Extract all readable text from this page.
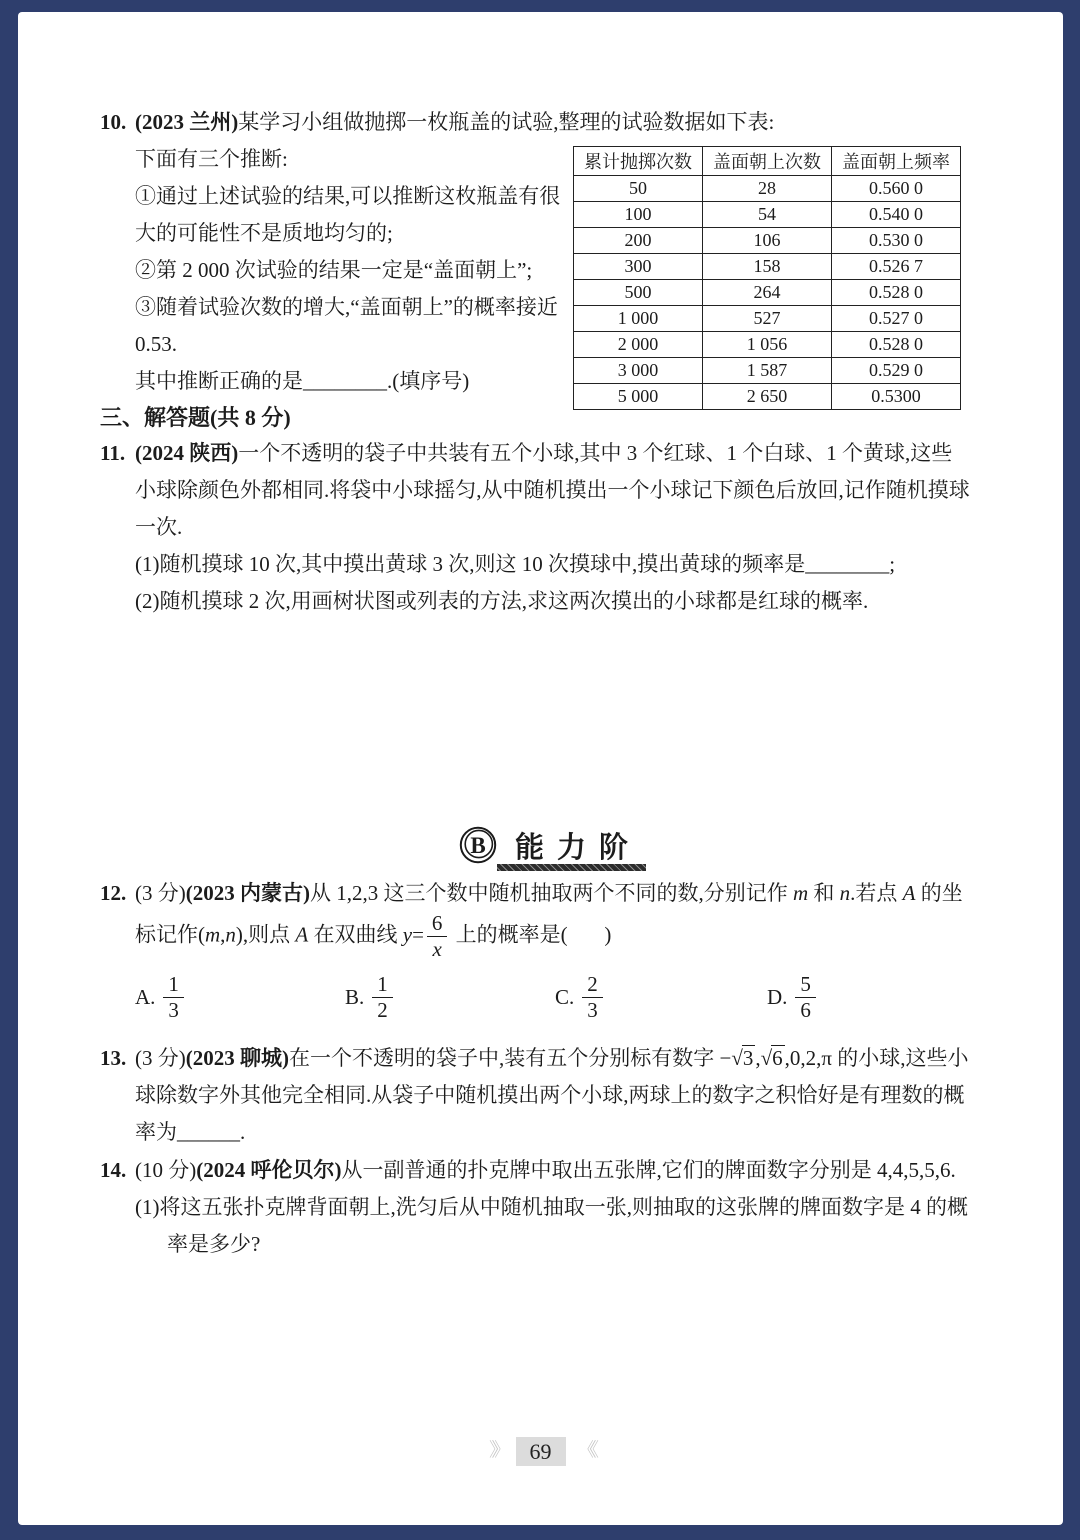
10. (2023 兰州)某学习小组做抛掷一枚瓶盖的试验,整理的试验数据如下表:
下面有三个推断:
①通过上述试验的结果,可以推断这枚瓶盖有很大的可能性不是质地均匀的;
②第 2 000 次试验的结果一定是“盖面朝上”;
③随着试验次数的增大,“盖面朝上”的概率接近 0.53.
其中推断正确的是________.(填序号)
累计抛掷次数	盖面朝上次数	盖面朝上频率
50	28	0.560 0
100	54	0.540 0
200	106	0.530 0
300	158	0.526 7
500	264	0.528 0
1 000	527	0.527 0
2 000	1 056	0.528 0
3 000	1 587	0.529 0
5 000	2 650	0.5300
三、解答题(共 8 分)
11. (2024 陕西)一个不透明的袋子中共装有五个小球,其中 3 个红球、1 个白球、1 个黄球,这些小球除颜色外都相同.将袋中小球摇匀,从中随机摸出一个小球记下颜色后放回,记作随机摸球一次.
(1)随机摸球 10 次,其中摸出黄球 3 次,则这 10 次摸球中,摸出黄球的频率是________;
(2)随机摸球 2 次,用画树状图或列表的方法,求这两次摸出的小球都是红球的概率.
B	能力阶
12. (3 分)(2023 内蒙古)从 1,2,3 这三个数中随机抽取两个不同的数,分别记作 m 和 n.若点 A 的坐标记作(m,n),则点 A 在双曲线 $y= \frac{6}{x}$ 上的概率是(       )
A. $\frac{1}{3}$	B. $\frac{1}{2}$	C. $\frac{2}{3}$	D. $\frac{5}{6}$
13. (3 分)(2023 聊城)在一个不透明的袋子中,装有五个分别标有数字 −√3,√6,0,2,π 的小球,这些小球除数字外其他完全相同.从袋子中随机摸出两个小球,两球上的数字之积恰好是有理数的概率为______.
14. (10 分)(2024 呼伦贝尔)从一副普通的扑克牌中取出五张牌,它们的牌面数字分别是 4,4,5,5,6.
(1)将这五张扑克牌背面朝上,洗匀后从中随机抽取一张,则抽取的这张牌的牌面数字是 4 的概率是多少?
》》 69 《《
